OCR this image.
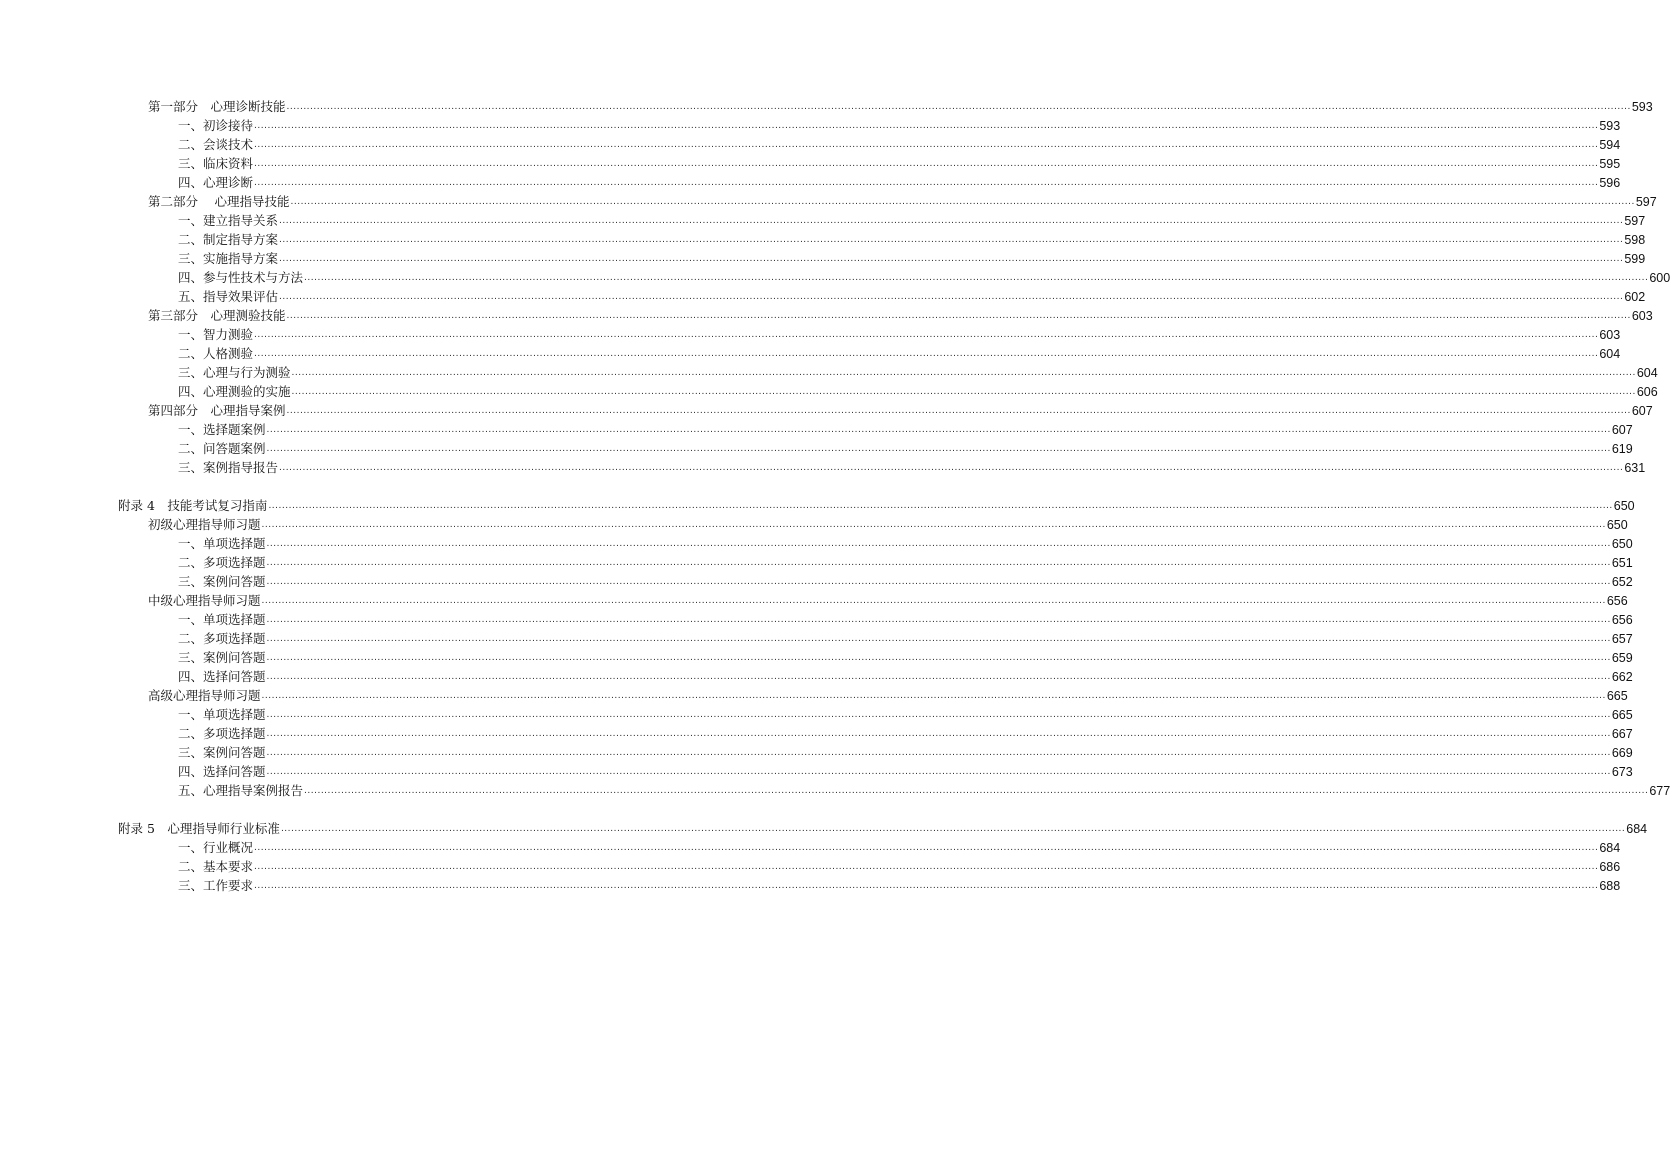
第一部分　心理诊断技能 ................................................................................................................................................................................................................................................................................................................................................................................................................ 593
一、初诊接待 ................................................................................................................................................................................................................................................................................................................................................................................................................ 593
二、会谈技术 ................................................................................................................................................................................................................................................................................................................................................................................................................ 594
三、临床资料 ................................................................................................................................................................................................................................................................................................................................................................................................................ 595
四、心理诊断 ................................................................................................................................................................................................................................................................................................................................................................................................................ 596
第二部分　 心理指导技能 ................................................................................................................................................................................................................................................................................................................................................................................................................ 597
一、建立指导关系 ................................................................................................................................................................................................................................................................................................................................................................................................................ 597
二、制定指导方案 ................................................................................................................................................................................................................................................................................................................................................................................................................ 598
三、实施指导方案 ................................................................................................................................................................................................................................................................................................................................................................................................................ 599
四、参与性技术与方法 ................................................................................................................................................................................................................................................................................................................................................................................................................ 600
五、指导效果评估 ................................................................................................................................................................................................................................................................................................................................................................................................................ 602
第三部分　心理测验技能 ................................................................................................................................................................................................................................................................................................................................................................................................................ 603
一、智力测验 ................................................................................................................................................................................................................................................................................................................................................................................................................ 603
二、人格测验 ................................................................................................................................................................................................................................................................................................................................................................................................................ 604
三、心理与行为测验 ................................................................................................................................................................................................................................................................................................................................................................................................................ 604
四、心理测验的实施 ................................................................................................................................................................................................................................................................................................................................................................................................................ 606
第四部分　心理指导案例 ................................................................................................................................................................................................................................................................................................................................................................................................................ 607
一、选择题案例 ................................................................................................................................................................................................................................................................................................................................................................................................................ 607
二、问答题案例 ................................................................................................................................................................................................................................................................................................................................................................................................................ 619
三、案例指导报告 ................................................................................................................................................................................................................................................................................................................................................................................................................ 631
附录 4　技能考试复习指南 ................................................................................................................................................................................................................................................................................................................................................................................................................ 650
初级心理指导师习题 ................................................................................................................................................................................................................................................................................................................................................................................................................ 650
一、单项选择题 ................................................................................................................................................................................................................................................................................................................................................................................................................ 650
二、多项选择题 ................................................................................................................................................................................................................................................................................................................................................................................................................ 651
三、案例问答题 ................................................................................................................................................................................................................................................................................................................................................................................................................ 652
中级心理指导师习题 ................................................................................................................................................................................................................................................................................................................................................................................................................ 656
一、单项选择题 ................................................................................................................................................................................................................................................................................................................................................................................................................ 656
二、多项选择题 ................................................................................................................................................................................................................................................................................................................................................................................................................ 657
三、案例问答题 ................................................................................................................................................................................................................................................................................................................................................................................................................ 659
四、选择问答题 ................................................................................................................................................................................................................................................................................................................................................................................................................ 662
高级心理指导师习题 ................................................................................................................................................................................................................................................................................................................................................................................................................ 665
一、单项选择题 ................................................................................................................................................................................................................................................................................................................................................................................................................ 665
二、多项选择题 ................................................................................................................................................................................................................................................................................................................................................................................................................ 667
三、案例问答题 ................................................................................................................................................................................................................................................................................................................................................................................................................ 669
四、选择问答题 ................................................................................................................................................................................................................................................................................................................................................................................................................ 673
五、心理指导案例报告 ................................................................................................................................................................................................................................................................................................................................................................................................................ 677
附录 5　心理指导师行业标准 ................................................................................................................................................................................................................................................................................................................................................................................................................ 684
一、行业概况 ................................................................................................................................................................................................................................................................................................................................................................................................................ 684
二、基本要求 ................................................................................................................................................................................................................................................................................................................................................................................................................ 686
三、工作要求 ................................................................................................................................................................................................................................................................................................................................................................................................................ 688
